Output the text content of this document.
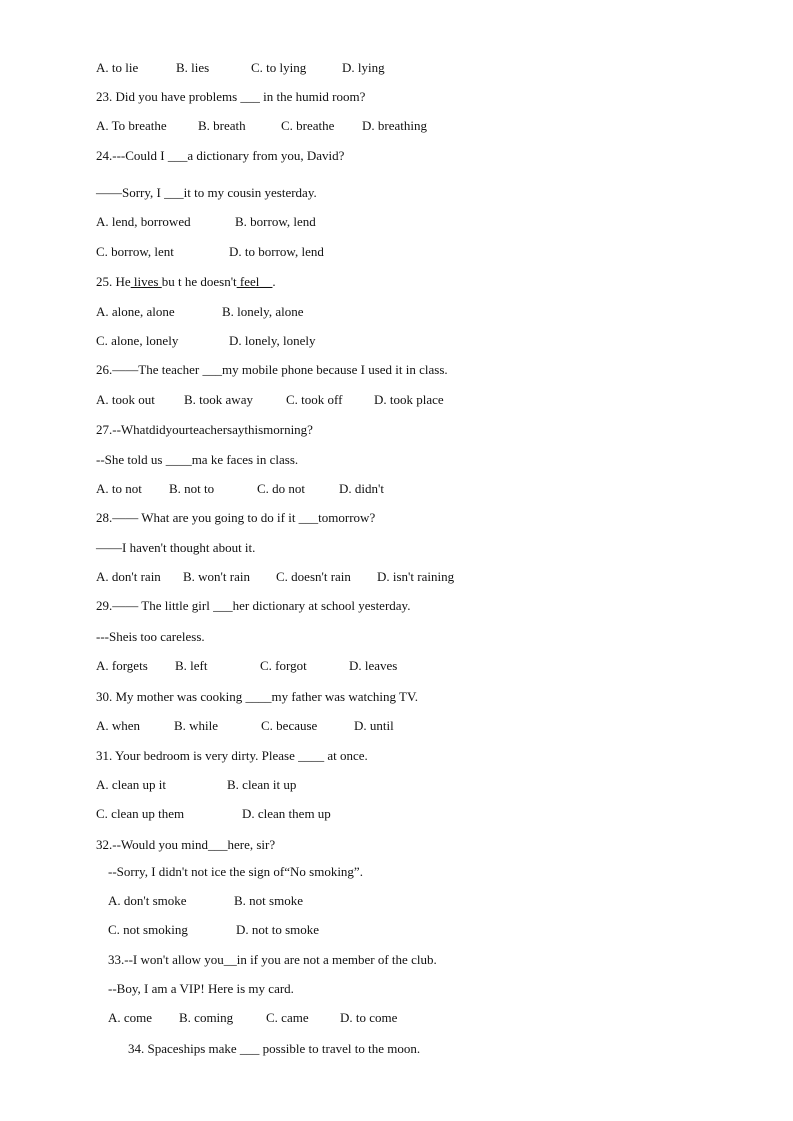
A. to lie	B. lies	C. to lying	D. lying
23. Did you have problems ___ in the humid room?
A. To breathe B. breath	C. breathe D. breathing
24.---Could I ___a dictionary from you, David?
——Sorry, I ___it to my cousin yesterday.
A. lend, borrowed	B. borrow, lend
C. borrow, lent	D. to borrow, lend
25. He lives bu t he doesn't feel__.
A. alone, alone	B. lonely, alone
C. alone, lonely	D. lonely, lonely
26.——The teacher ___my mobile phone because I used it in class.
A. took out B. took away	C. took off D. took place
27.--Whatdidyourteachersaythismorning?
--She told us ____ma ke faces in class.
A. to not B. not to	C. do not	D. didn't
28.—— What are you going to do if it ___tomorrow?
——I haven't thought about it.
A. don't rain B. won't rain C. doesn't rain D. isn't raining
29.—— The little girl ___her dictionary at school yesterday.
---Sheis too careless.
A. forgets B. left	C. forgot	D. leaves
30. My mother was cooking ____my father was watching TV.
A. when	B. while	C. because	D. until
31. Your bedroom is very dirty. Please ____ at once.
A. clean up it	B. clean it up
C. clean up them	D. clean them up
32.--Would you mind___here, sir?
--Sorry, I didn't not ice the sign of“No smoking”.
A. don't smoke	B. not smoke
C. not smoking	D. not to smoke
33.--I won't allow you__in if you are not a member of the club.
--Boy, I am a VIP! Here is my card.
A. come B. coming	C. came D. to come
34. Spaceships make ___ possible to travel to the moon.
